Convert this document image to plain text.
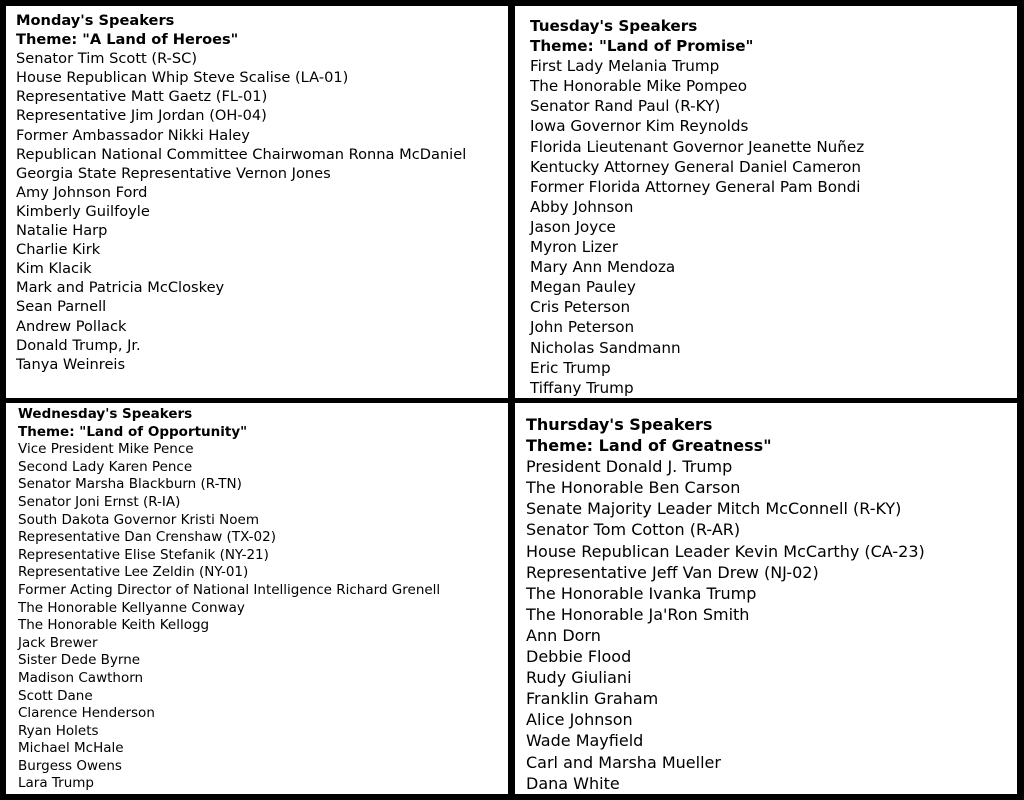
Monday's Speakers
Theme: "A Land of Heroes"
Senator Tim Scott (R-SC)
House Republican Whip Steve Scalise (LA-01)
Representative Matt Gaetz (FL-01)
Representative Jim Jordan (OH-04)
Former Ambassador Nikki Haley
Republican National Committee Chairwoman Ronna McDaniel
Georgia State Representative Vernon Jones
Amy Johnson Ford
Kimberly Guilfoyle
Natalie Harp
Charlie Kirk
Kim Klacik
Mark and Patricia McCloskey
Sean Parnell
Andrew Pollack
Donald Trump, Jr.
Tanya Weinreis
Tuesday's Speakers
Theme: "Land of Promise"
First Lady Melania Trump
The Honorable Mike Pompeo
Senator Rand Paul (R-KY)
Iowa Governor Kim Reynolds
Florida Lieutenant Governor Jeanette Nuñez
Kentucky Attorney General Daniel Cameron
Former Florida Attorney General Pam Bondi
Abby Johnson
Jason Joyce
Myron Lizer
Mary Ann Mendoza
Megan Pauley
Cris Peterson
John Peterson
Nicholas Sandmann
Eric Trump
Tiffany Trump
Wednesday's Speakers
Theme: "Land of Opportunity"
Vice President Mike Pence
Second Lady Karen Pence
Senator Marsha Blackburn (R-TN)
Senator Joni Ernst (R-IA)
South Dakota Governor Kristi Noem
Representative Dan Crenshaw (TX-02)
Representative Elise Stefanik (NY-21)
Representative Lee Zeldin (NY-01)
Former Acting Director of National Intelligence Richard Grenell
The Honorable Kellyanne Conway
The Honorable Keith Kellogg
Jack Brewer
Sister Dede Byrne
Madison Cawthorn
Scott Dane
Clarence Henderson
Ryan Holets
Michael McHale
Burgess Owens
Lara Trump
Thursday's Speakers
Theme: Land of Greatness"
President Donald J. Trump
The Honorable Ben Carson
Senate Majority Leader Mitch McConnell (R-KY)
Senator Tom Cotton (R-AR)
House Republican Leader Kevin McCarthy (CA-23)
Representative Jeff Van Drew (NJ-02)
The Honorable Ivanka Trump
The Honorable Ja'Ron Smith
Ann Dorn
Debbie Flood
Rudy Giuliani
Franklin Graham
Alice Johnson
Wade Mayfield
Carl and Marsha Mueller
Dana White
